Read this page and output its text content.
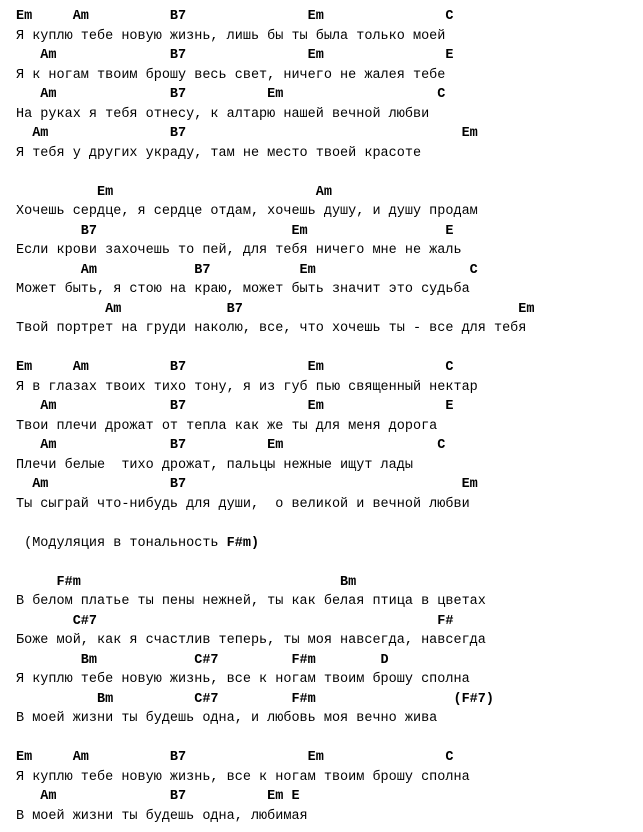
Em     Am          B7               Em               C
Я куплю тебе новую жизнь, лишь бы ты была только моей
Am              B7               Em               E
Я к ногам твоим брошу весь свет, ничего не жалея тебе
Am              B7          Em                   C
На руках я тебя отнесу, к алтарю нашей вечной любви
Am               B7                                  Em
Я тебя у других украду, там не место твоей красоте
Em                         Am
Хочешь сердце, я сердце отдам, хочешь душу, и душу продам
B7                        Em                 E
Если крови захочешь то пей, для тебя ничего мне не жаль
Am            B7           Em                   C
Может быть, я стою на краю, может быть значит это судьба
Am             B7                                  Em
Твой портрет на груди наколю, все, что хочешь ты - все для тебя
Em     Am          B7               Em               C
Я в глазах твоих тихо тону, я из губ пью священный нектар
Am              B7               Em               E
Твои плечи дрожат от тепла как же ты для меня дорога
Am              B7          Em                   C
Плечи белые  тихо дрожат, пальцы нежные ищут лады
Am               B7                                  Em
Ты сыграй что-нибудь для души,  о великой и вечной любви
(Модуляция в тональность F#m)
F#m                                Bm
В белом платье ты пены нежней, ты как белая птица в цветах
C#7                                          F#
Боже мой, как я счастлив теперь, ты моя навсегда, навсегда
Bm            C#7         F#m        D
Я куплю тебе новую жизнь, все к ногам твоим брошу сполна
Bm          C#7         F#m                 (F#7)
В моей жизни ты будешь одна, и любовь моя вечно жива
Em     Am          B7               Em               C
Я куплю тебе новую жизнь, все к ногам твоим брошу сполна
Am              B7          Em E
В моей жизни ты будешь одна, любимая
